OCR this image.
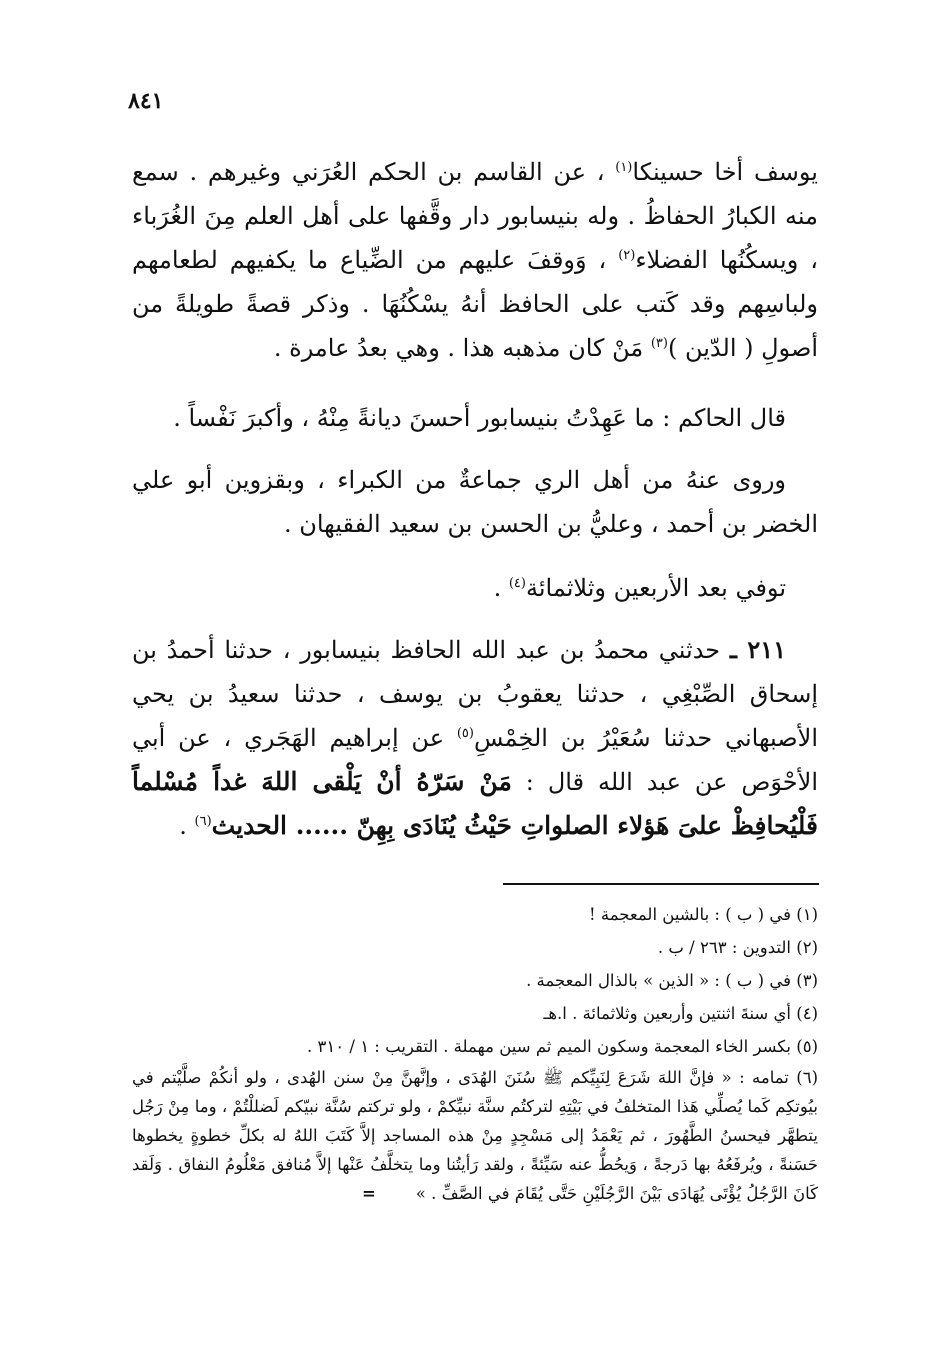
٨٤١
يوسف أخا حسينكا$^{(١)}$ ، عن القاسم بن الحكم العُرَني وغيرهم . سمع منه الكبارُ الحفاظُ . وله بنيسابور دار وقَّفها على أهل العلم مِنَ الغُرَباء ، ويسكُنُها الفضلاء$^{(٢)}$ ، وَوقفَ عليهم من الضِّياع ما يكفيهم لطعامهم ولباسِهم وقد كَتب على الحافظ أنهُ يسْكُنُهَا . وذكر قصةً طويلةً من أصولِ ( الدّين )$^{(٣)}$ مَنْ كان مذهبه هذا . وهي بعدُ عامرة .
قال الحاكم : ما عَهِدْتُ بنيسابور أحسنَ ديانةً مِنْهُ ، وأكبرَ نَفْساً .
وروى عنهُ من أهل الري جماعةٌ من الكبراء ، وبقزوين أبو علي الخضر بن أحمد ، وعليُّ بن الحسن بن سعيد الفقيهان .
توفي بعد الأربعين وثلاثمائة$^{(٤)}$ .
٢١١ ـ حدثني محمدُ بن عبد الله الحافظ بنيسابور ، حدثنا أحمدُ بن إسحاق الصِّبْغِي ، حدثنا يعقوبُ بن يوسف ، حدثنا سعيدُ بن يحي الأصبهاني حدثنا سُعَيْرُ بن الخِمْسِ$^{(٥)}$ عن إبراهيم الهَجَري ، عن أبي الأحْوَص عن عبد الله قال : مَنْ سَرّهُ أنْ يَلْقى اللهَ غداً مُسْلماً فَلْيُحافِظْ علىَ هَؤلاء الصلواتِ حَيْثُ يُنَادَى بِهِنّ ...... الحديث$^{(٦)}$ .
(١) في ( ب ) : بالشين المعجمة !
(٢) التدوين : ٢٦٣ / ب .
(٣) في ( ب ) : « الذين » بالذال المعجمة .
(٤) أي سنةَ اثنتين وأربعين وثلاثمائة . ا.هـ
(٥) بكسر الخاء المعجمة وسكون الميم ثم سين مهملة . التقريب : ١ / ٣١٠ .
(٦) تمامه : « فإنَّ اللهَ شَرَعَ لِنَبِيِّكم ﷺ سُنَنَ الهُدَى ، وإنَّهنَّ مِنْ سنن الهُدى ، ولو أنكُمْ صلَّيْتم في بيُوتكِم كَما يُصلِّي هَذا المتخلفُ في بَيْتِهِ لتركتُم سنَّة نبيِّكمْ ، ولو تركتم سُنَّة نبيّكم لَضللْتُمْ ، وما مِنْ رَجُل يتطهَّر فيحسنُ الطَّهُورَ ، ثم يَعْمَدُ إلى مَسْجِدٍ مِنْ هذه المساجد إلاَّ كَتَبَ اللهُ له بكلِّ خطوةٍ يخطوها حَسَنةً ، ويُرفَعُهُ بها دَرجةً ، وَيحُطُّ عنه سَيِّئةً ، ولقد رَأيتُنا وما يتخلَّفُ عَنْها إلاَّ مُنافق مَعْلُومُ النفاق . وَلَقد كَانَ الرَّجُلُ يُؤْتَى يُهَادَى بَيْنَ الرَّجُلَيْنِ حَتَّى يُقَامَ في الصَّفِّ . »=
